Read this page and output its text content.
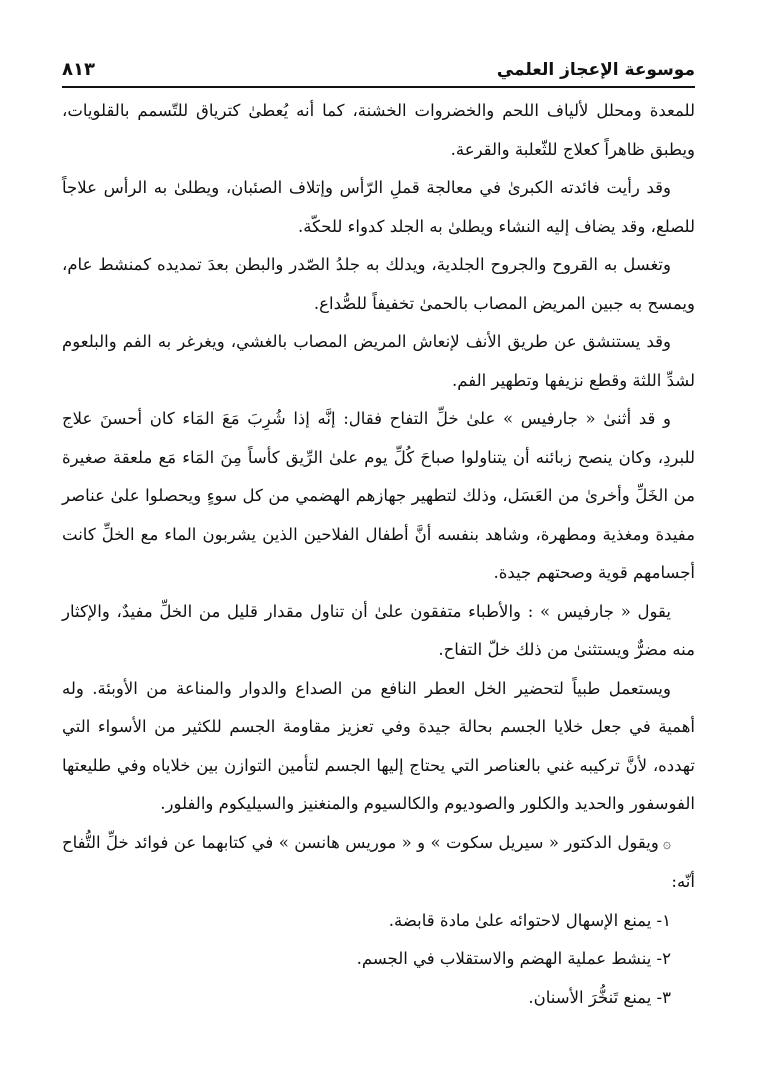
موسوعة الإعجاز العلمي
٨١٣

للمعدة ومحلل لألياف اللحم والخضروات الخشنة، كما أنه يُعطىٰ كترياق للتّسمم بالقلويات، ويطبق ظاهراً كعلاج للثّعلبة والقرعة.

وقد رأيت فائدته الكبرىٰ في معالجة قملِ الرّأس وإتلاف الصئبان، ويطلىٰ به الرأس علاجاً للصلع، وقد يضاف إليه النشاء ويطلىٰ به الجلد كدواء للحكّة.

وتغسل به القروح والجروح الجلدية، ويدلك به جلدُ الصّدر والبطن بعدَ تمديده كمنشط عام، ويمسح به جبين المريض المصاب بالحمىٰ تخفيفاً للصُّداع.

وقد يستنشق عن طريق الأنف لإنعاش المريض المصاب بالغشي، ويغرغر به الفم والبلعوم لشدِّ اللثة وقطع نزيفها وتطهير الفم.

و قد أثنىٰ « جارفيس » علىٰ خلِّ التفاح فقال: إنَّه إذا شُرِبَ مَعَ المَاء كان أحسنَ علاج للبردِ، وكان ينصح زبائنه أن يتناولوا صباحَ كُلِّ يوم علىٰ الرِّيق كأساً مِنَ المَاء مَع ملعقة صغيرة من الخَلِّ وأخرىٰ من العَسَل، وذلك لتطهير جهازهم الهضمي من كل سوءٍ ويحصلوا علىٰ عناصر مفيدة ومغذية ومطهرة، وشاهد بنفسه أنَّ أطفال الفلاحين الذين يشربون الماء مع الخلِّ كانت أجسامهم قوية وصحتهم جيدة.

يقول « جارفيس » : والأطباء متفقون علىٰ أن تناول مقدار قليل من الخلِّ مفيدٌ، والإكثار منه مضرٌّ ويستثنىٰ من ذلك خلّ التفاح.

ويستعمل طبياً لتحضير الخل العطر النافع من الصداع والدوار والمناعة من الأوبئة. وله أهمية في جعل خلايا الجسم بحالة جيدة وفي تعزيز مقاومة الجسم للكثير من الأسواء التي تهدده، لأنَّ تركيبه غني بالعناصر التي يحتاج إليها الجسم لتأمين التوازن بين خلاياه وفي طليعتها الفوسفور والحديد والكلور والصوديوم والكالسيوم والمنغنيز والسيليكوم والفلور.

۞ويقول الدكتور « سيريل سكوت » و « موريس هانسن » في كتابهما عن فوائد خلِّ التُّفاح أنّه:

١- يمنع الإسهال لاحتوائه علىٰ مادة قابضة.

٢- ينشط عملية الهضم والاستقلاب في الجسم.

٣- يمنع تَنخُّرَ الأسنان.
